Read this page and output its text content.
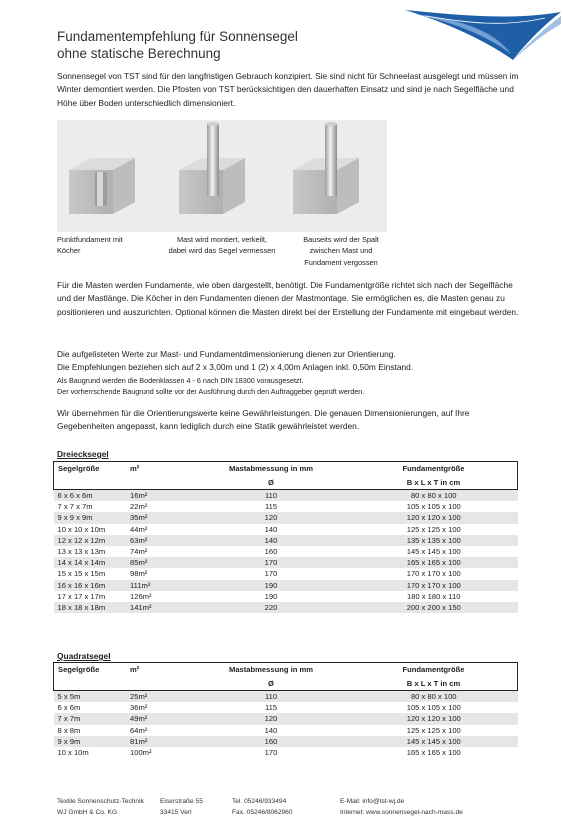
Fundamentempfehlung für Sonnensegel
ohne statische Berechnung
Sonnensegel von TST sind für den langfristigen Gebrauch konzipiert. Sie sind nicht für Schneelast ausgelegt und müssen im Winter demontiert werden. Die Pfosten von TST berücksichtigen den dauerhaften Einsatz und sind je nach Segelfläche und Höhe über Boden unterschiedlich dimensioniert.
Punktfundament mit Köcher
Mast wird montiert, verkeilt, dabei wird das Segel vermessen
Bauseits wird der Spalt zwischen Mast und Fundament vergossen
Für die Masten werden Fundamente, wie oben dargestellt, benötigt. Die Fundamentgröße richtet sich nach der Segelfläche und der Mastlänge. Die Köcher in den Fundamenten dienen der Mastmontage. Sie ermöglichen es, die Masten genau zu positionieren und auszurichten. Optional können die Masten direkt bei der Erstellung der Fundamente mit eingebaut werden.
Die aufgelisteten Werte zur Mast- und Fundamentdimensionierung dienen zur Orientierung.
Die Empfehlungen beziehen sich auf 2 x 3,00m und 1 (2) x 4,00m Anlagen inkl. 0,50m Einstand.
Als Baugrund werden die Bodenklassen 4 - 6 nach DIN 18300 vorausgesetzt.
Der vorherrschende Baugrund sollte vor der Ausführung durch den Auftraggeber geprüft werden.
Wir übernehmen für die Orientierungswerte keine Gewährleistungen. Die genauen Dimensionierungen, auf Ihre Gegebenheiten angepasst, kann lediglich durch eine Statik gewährleistet werden.
Dreiecksegel
Segelgröße	m²	Mastabmessung in mm	Fundamentgröße
		Ø	B x L x T in cm
6 x 6 x 6m	16m²	110	80 x 80 x 100
7 x 7 x 7m	22m²	115	105 x 105 x 100
9 x 9 x 9m	35m²	120	120 x 120 x 100
10 x 10 x 10m	44m²	140	125 x 125 x 100
12 x 12 x 12m	63m²	140	135 x 135 x 100
13 x 13 x 13m	74m²	160	145 x 145 x 100
14 x 14 x 14m	85m²	170	165 x 165 x 100
15 x 15 x 15m	98m²	170	170 x 170 x 100
16 x 16 x 16m	111m²	190	170 x 170 x 100
17 x 17 x 17m	126m²	190	180 x 180 x 110
18 x 18 x 18m	141m²	220	200 x 200 x 150
Quadratsegel
Segelgröße	m²	Mastabmessung in mm	Fundamentgröße
		Ø	B x L x T in cm
5 x 5m	25m²	110	80 x 80 x 100
6 x 6m	36m²	115	105 x 105 x 100
7 x 7m	49m²	120	120 x 120 x 100
8 x 8m	64m²	140	125 x 125 x 100
9 x 9m	81m²	160	145 x 145 x 100
10 x 10m	100m²	170	165 x 165 x 100
Textile Sonnenschutz-Technik
WJ GmbH & Co. KG
Eiserstraße 55
33415 Verl
Tel. 05246/933494
Fax. 05246/8062960
E-Mail: info@tst-wj.de
Internet: www.sonnensegel-nach-mass.de
